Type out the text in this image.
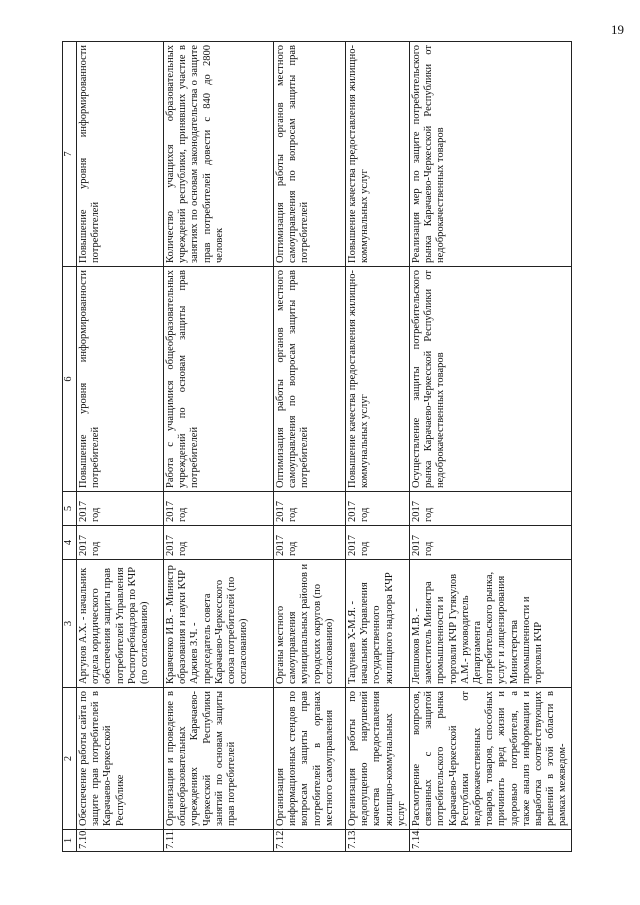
19
1	2	3	4	5	6	7
7.10.	Обеспечение работы сайта по защите прав потребителей в Карачаево-Черкесской Республике	Аргунов А.Х. - начальник отдела юридического обеспечения защиты прав потребителей Управления Роспотребнадзора по КЧР (по согласованию)	2017 год	2017 год	Повышение уровня информированности потребителей	Повышение уровня информированности потребителей
7.11.	Организация и проведение в общеобразовательных учреждениях Карачаево-Черкесской Республики занятий по основам защиты прав потребителей	Кравченко И.В. - Министр образования и науки КЧР Аджиев З.Ч. - председатель совета Карачаево-Черкесского союза потребителей (по согласованию)	2017 год	2017 год	Работа с учащимися общеобразовательных учреждений по основам защиты прав потребителей	Количество учащихся образовательных учреждений республики, принявших участие в занятиях по основам законодательства о защите прав потребителей довести с 840 до 2800 человек
7.12.	Организация информационных стендов по вопросам защиты прав потребителей в органах местного самоуправления	Органы местного самоуправления муниципальных районов и городских округов (по согласованию)	2017 год	2017 год	Оптимизация работы органов местного самоуправления по вопросам защиты прав потребителей	Оптимизация работы органов местного самоуправления по вопросам защиты прав потребителей
7.13.	Организация работы по недопущению нарушений качества предоставления жилищно-коммунальных услуг	Тацунаев Х-М.Я. - начальник Управления государственного жилищного надзора КЧР	2017 год	2017 год	Повышение качества предоставления жилищно-коммунальных услуг	Повышение качества предоставления жилищно-коммунальных услуг
7.14.	Рассмотрение вопросов, связанных с защитой потребительского рынка Карачаево-Черкесской Республики от недоброкачественных товаров, товаров, способных причинить вред жизни и здоровью потребителя, а также анализ информации и выработка соответствующих решений в этой области в рамках межведом-	Лепшоков М.В. - заместитель Министра промышленности и торговли КЧР Гутякулов А.М.- руководитель Департамента потребительского рынка, услуг и лицензирования Министерства промышленности и торговли КЧР	2017 год	2017 год	Осуществление защиты потребительского рынка Карачаево-Черкесской Республики от недоброкачественных товаров	Реализация мер по защите потребительского рынка Карачаево-Черкесской Республики от недоброкачественных товаров
